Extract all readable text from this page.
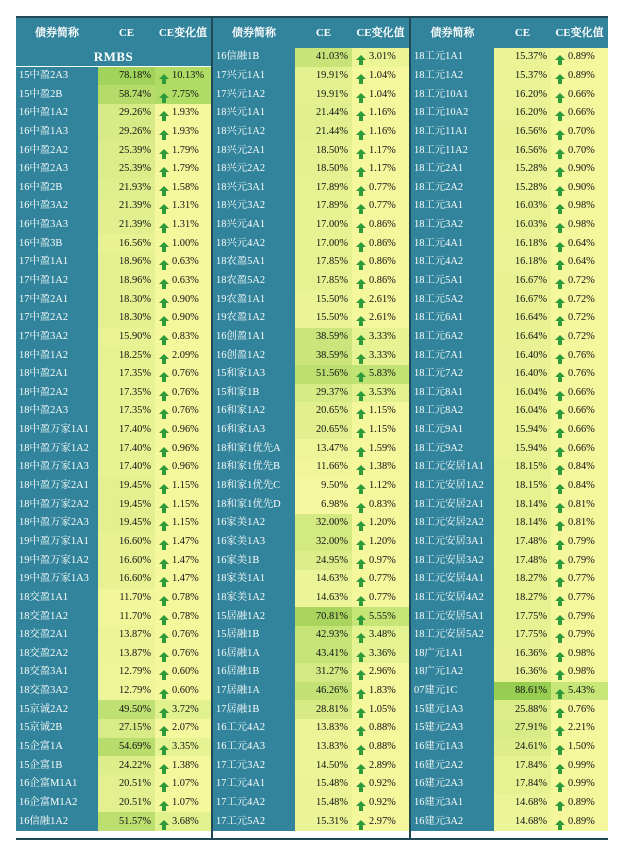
债券简称	CE	CE变化值
RMBS		
15中盈2A3	78.18%	10.13%
15中盈2B	58.74%	7.75%
16中盈1A2	29.26%	1.93%
16中盈1A3	29.26%	1.93%
16中盈2A2	25.39%	1.79%
16中盈2A3	25.39%	1.79%
16中盈2B	21.93%	1.58%
16中盈3A2	21.39%	1.31%
16中盈3A3	21.39%	1.31%
16中盈3B	16.56%	1.00%
17中盈1A1	18.96%	0.63%
17中盈1A2	18.96%	0.63%
17中盈2A1	18.30%	0.90%
17中盈2A2	18.30%	0.90%
17中盈3A2	15.90%	0.83%
18中盈1A2	18.25%	2.09%
18中盈2A1	17.35%	0.76%
18中盈2A2	17.35%	0.76%
18中盈2A3	17.35%	0.76%
18中盈万家1A1	17.40%	0.96%
18中盈万家1A2	17.40%	0.96%
18中盈万家1A3	17.40%	0.96%
18中盈万家2A1	19.45%	1.15%
18中盈万家2A2	19.45%	1.15%
18中盈万家2A3	19.45%	1.15%
19中盈万家1A1	16.60%	1.47%
19中盈万家1A2	16.60%	1.47%
19中盈万家1A3	16.60%	1.47%
18交盈1A1	11.70%	0.78%
18交盈1A2	11.70%	0.78%
18交盈2A1	13.87%	0.76%
18交盈2A2	13.87%	0.76%
18交盈3A1	12.79%	0.60%
18交盈3A2	12.79%	0.60%
15京诚2A2	49.50%	3.72%
15京诚2B	27.15%	2.07%
15企富1A	54.69%	3.35%
15企富1B	24.22%	1.38%
16企富M1A1	20.51%	1.07%
16企富M1A2	20.51%	1.07%
16信融1A2	51.57%	3.68%
债券简称	CE	CE变化值
16信融1B	41.03%	3.01%
17兴元1A1	19.91%	1.04%
17兴元1A2	19.91%	1.04%
18兴元1A1	21.44%	1.16%
18兴元1A2	21.44%	1.16%
18兴元2A1	18.50%	1.17%
18兴元2A2	18.50%	1.17%
18兴元3A1	17.89%	0.77%
18兴元3A2	17.89%	0.77%
18兴元4A1	17.00%	0.86%
18兴元4A2	17.00%	0.86%
18农盈5A1	17.85%	0.86%
18农盈5A2	17.85%	0.86%
19农盈1A1	15.50%	2.61%
19农盈1A2	15.50%	2.61%
16创盈1A1	38.59%	3.33%
16创盈1A2	38.59%	3.33%
15和家1A3	51.56%	5.83%
15和家1B	29.37%	3.53%
16和家1A2	20.65%	1.15%
16和家1A3	20.65%	1.15%
18和家1优先A	13.47%	1.59%
18和家1优先B	11.66%	1.38%
18和家1优先C	9.50%	1.12%
18和家1优先D	6.98%	0.83%
16家美1A2	32.00%	1.20%
16家美1A3	32.00%	1.20%
16家美1B	24.95%	0.97%
18家美1A1	14.63%	0.77%
18家美1A2	14.63%	0.77%
15居融1A2	70.81%	5.55%
15居融1B	42.93%	3.48%
16居融1A	43.41%	3.36%
16居融1B	31.27%	2.96%
17居融1A	46.26%	1.83%
17居融1B	28.81%	1.05%
16工元4A2	13.83%	0.88%
16工元4A3	13.83%	0.88%
17工元3A2	14.50%	2.89%
17工元4A1	15.48%	0.92%
17工元4A2	15.48%	0.92%
17工元5A2	15.31%	2.97%
债券简称	CE	CE变化值
18工元1A1	15.37%	0.89%
18工元1A2	15.37%	0.89%
18工元10A1	16.20%	0.66%
18工元10A2	16.20%	0.66%
18工元11A1	16.56%	0.70%
18工元11A2	16.56%	0.70%
18工元2A1	15.28%	0.90%
18工元2A2	15.28%	0.90%
18工元3A1	16.03%	0.98%
18工元3A2	16.03%	0.98%
18工元4A1	16.18%	0.64%
18工元4A2	16.18%	0.64%
18工元5A1	16.67%	0.72%
18工元5A2	16.67%	0.72%
18工元6A1	16.64%	0.72%
18工元6A2	16.64%	0.72%
18工元7A1	16.40%	0.76%
18工元7A2	16.40%	0.76%
18工元8A1	16.04%	0.66%
18工元8A2	16.04%	0.66%
18工元9A1	15.94%	0.66%
18工元9A2	15.94%	0.66%
18工元安居1A1	18.15%	0.84%
18工元安居1A2	18.15%	0.84%
18工元安居2A1	18.14%	0.81%
18工元安居2A2	18.14%	0.81%
18工元安居3A1	17.48%	0.79%
18工元安居3A2	17.48%	0.79%
18工元安居4A1	18.27%	0.77%
18工元安居4A2	18.27%	0.77%
18工元安居5A1	17.75%	0.79%
18工元安居5A2	17.75%	0.79%
18广元1A1	16.36%	0.98%
18广元1A2	16.36%	0.98%
07建元1C	88.61%	5.43%
15建元1A3	25.88%	0.76%
15建元2A3	27.91%	2.21%
16建元1A3	24.61%	1.50%
16建元2A2	17.84%	0.99%
16建元2A3	17.84%	0.99%
16建元3A1	14.68%	0.89%
16建元3A2	14.68%	0.89%
